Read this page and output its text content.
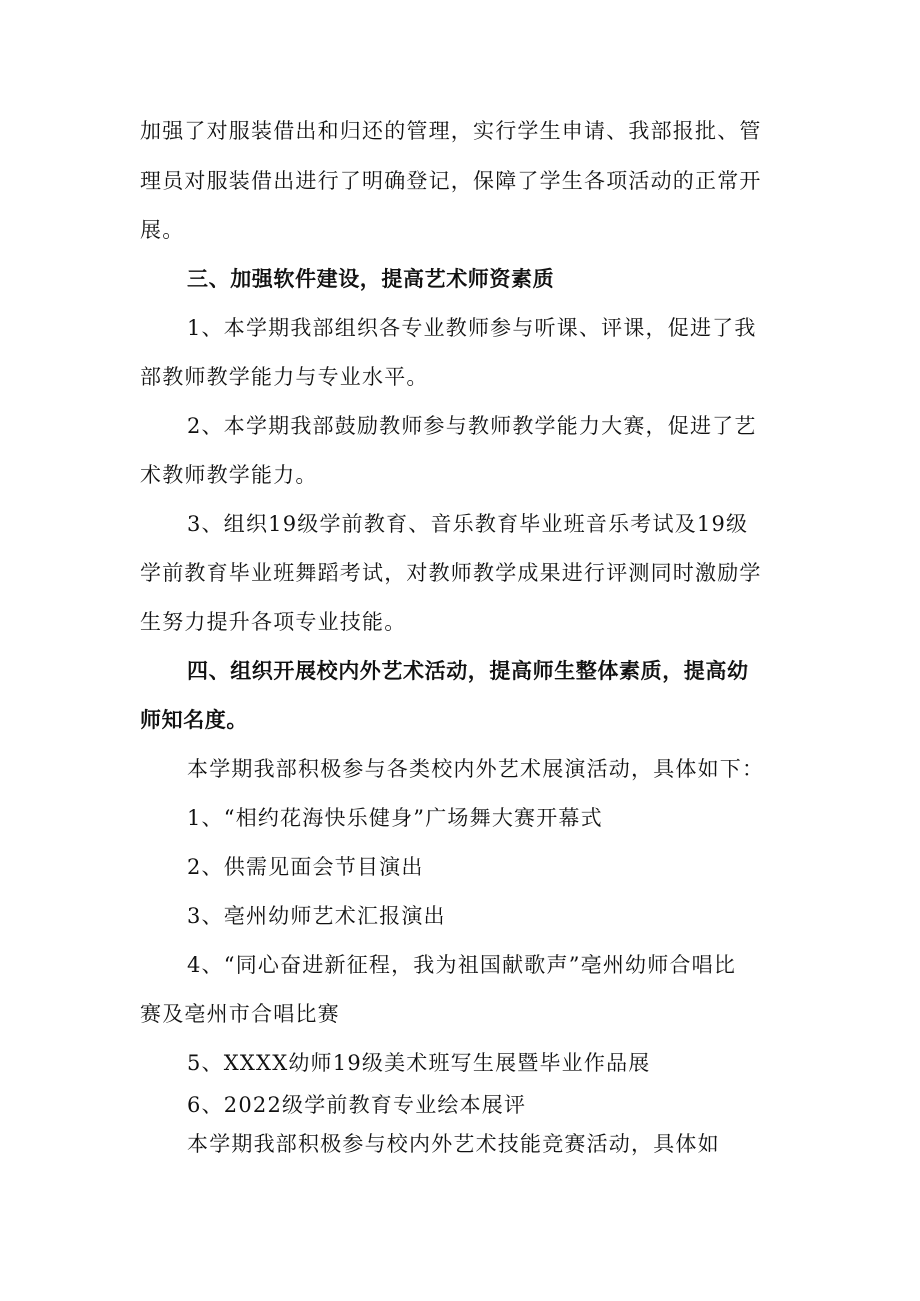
加强了对服装借出和归还的管理，实行学生申请、我部报批、管
理员对服装借出进行了明确登记，保障了学生各项活动的正常开
展。
三、加强软件建设，提高艺术师资素质
1、本学期我部组织各专业教师参与听课、评课，促进了我
部教师教学能力与专业水平。
2、本学期我部鼓励教师参与教师教学能力大赛，促进了艺
术教师教学能力。
3、组织19级学前教育、音乐教育毕业班音乐考试及19级
学前教育毕业班舞蹈考试，对教师教学成果进行评测同时激励学
生努力提升各项专业技能。
四、组织开展校内外艺术活动，提高师生整体素质，提高幼
师知名度。
本学期我部积极参与各类校内外艺术展演活动，具体如下：
1、“相约花海快乐健身”广场舞大赛开幕式
2、供需见面会节目演出
3、亳州幼师艺术汇报演出
4、“同心奋进新征程，我为祖国献歌声”亳州幼师合唱比
赛及亳州市合唱比赛
5、XXXX幼师19级美术班写生展暨毕业作品展
6、2022级学前教育专业绘本展评
本学期我部积极参与校内外艺术技能竞赛活动，具体如
